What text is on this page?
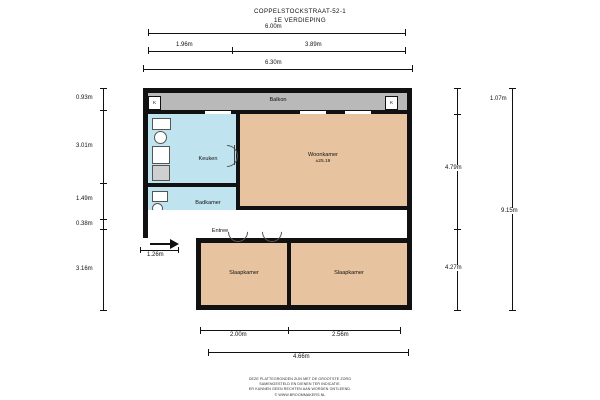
COPPELSTOCKSTRAAT-52-1
1E VERDIEPING
6.00m
1.96m	3.89m
6.30m
0.93m
3.01m
1.49m
0.38m
3.16m
1.26m
1.07m
4.79m
4.27m
9.15m
2.00m	2.56m
4.66m
Balkon
Keuken
Badkamer
Woonkamer
±25.19
K	K
Entree
Slaapkamer	Slaapkamer
DEZE PLATTEGRONDEN ZIJN MET DE GROOTSTE ZORG
SAMENGESTELD EN DIENEN TER INDICATIE.
ER KUNNEN GEEN RECHTEN AAN WORDEN ONTLEEND.
© WWW.BROOMMAKERS.NL
